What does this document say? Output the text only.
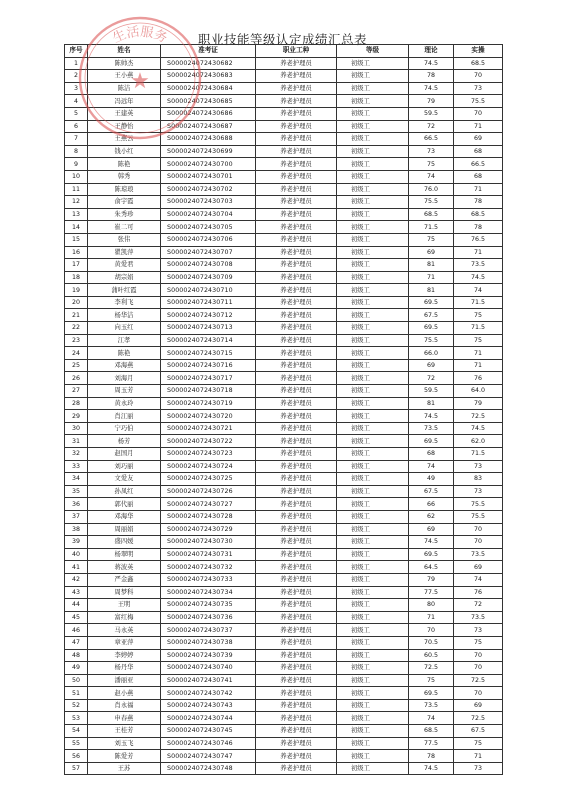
职业技能等级认定成绩汇总表
序号	姓名	准考证	职业工种	等级	理论	实操
1	陈帅杰	S000024072430682	养老护理员	初级工	74.5	68.5
2	王小燕	S000024072430683	养老护理员	初级工	78	70
3	陈洁	S000024072430684	养老护理员	初级工	74.5	73
4	冯远年	S000024072430685	养老护理员	初级工	79	75.5
5	王建英	S000024072430686	养老护理员	初级工	59.5	70
6	王静怡	S000024072430687	养老护理员	初级工	72	71
7	王燕云	S000024072430688	养老护理员	初级工	66.5	69
8	钱小红	S000024072430699	养老护理员	初级工	73	68
9	陈艳	S000024072430700	养老护理员	初级工	75	66.5
10	韩秀	S000024072430701	养老护理员	初级工	74	68
11	陈琼琅	S000024072430702	养老护理员	初级工	76.0	71
12	俞宇霞	S000024072430703	养老护理员	初级工	75.5	78
13	朱秀珍	S000024072430704	养老护理员	初级工	68.5	68.5
14	崔二可	S000024072430705	养老护理员	初级工	71.5	78
15	张伟	S000024072430706	养老护理员	初级工	75	76.5
16	瞿凯萍	S000024072430707	养老护理员	初级工	69	71
17	黄爱君	S000024072430708	养老护理员	初级工	81	73.5
18	胡宗娟	S000024072430709	养老护理员	初级工	71	74.5
19	蒲叶红霞	S000024072430710	养老护理员	初级工	81	74
20	李利飞	S000024072430711	养老护理员	初级工	69.5	71.5
21	杨华洁	S000024072430712	养老护理员	初级工	67.5	75
22	向玉红	S000024072430713	养老护理员	初级工	69.5	71.5
23	江孝	S000024072430714	养老护理员	初级工	75.5	75
24	陈艳	S000024072430715	养老护理员	初级工	66.0	71
25	邓海燕	S000024072430716	养老护理员	初级工	69	71
26	刘海月	S000024072430717	养老护理员	初级工	72	76
27	周玉芳	S000024072430718	养老护理员	初级工	59.5	64.0
28	黄永玲	S000024072430719	养老护理员	初级工	81	79
29	肖江丽	S000024072430720	养老护理员	初级工	74.5	72.5
30	宁巧伯	S000024072430721	养老护理员	初级工	73.5	74.5
31	杨芳	S000024072430722	养老护理员	初级工	69.5	62.0
32	赵国月	S000024072430723	养老护理员	初级工	68	71.5
33	刘巧丽	S000024072430724	养老护理员	初级工	74	73
34	文爱友	S000024072430725	养老护理员	初级工	49	83
35	孙凤红	S000024072430726	养老护理员	初级工	67.5	73
36	郭代丽	S000024072430727	养老护理员	初级工	66	75.5
37	邓海华	S000024072430728	养老护理员	初级工	62	75.5
38	周丽娟	S000024072430729	养老护理员	初级工	69	70
39	盛四媛	S000024072430730	养老护理员	初级工	74.5	70
40	杨翠明	S000024072430731	养老护理员	初级工	69.5	73.5
41	蒋波英	S000024072430732	养老护理员	初级工	64.5	69
42	严金鑫	S000024072430733	养老护理员	初级工	79	74
43	周梦科	S000024072430734	养老护理员	初级工	77.5	76
44	王明	S000024072430735	养老护理员	初级工	80	72
45	富红梅	S000024072430736	养老护理员	初级工	71	73.5
46	马永英	S000024072430737	养老护理员	初级工	70	73
47	章亚萍	S000024072430738	养老护理员	初级工	70.5	75
48	李婷婷	S000024072430739	养老护理员	初级工	60.5	70
49	杨丹华	S000024072430740	养老护理员	初级工	72.5	70
50	潘丽亚	S000024072430741	养老护理员	初级工	75	72.5
51	赵小燕	S000024072430742	养老护理员	初级工	69.5	70
52	肖永福	S000024072430743	养老护理员	初级工	73.5	69
53	申春燕	S000024072430744	养老护理员	初级工	74	72.5
54	王桂芳	S000024072430745	养老护理员	初级工	68.5	67.5
55	刘玉飞	S000024072430746	养老护理员	初级工	77.5	75
56	陈爱芳	S000024072430747	养老护理员	初级工	78	71
57	王苏	S000024072430748	养老护理员	初级工	74.5	73
生活服务
★
